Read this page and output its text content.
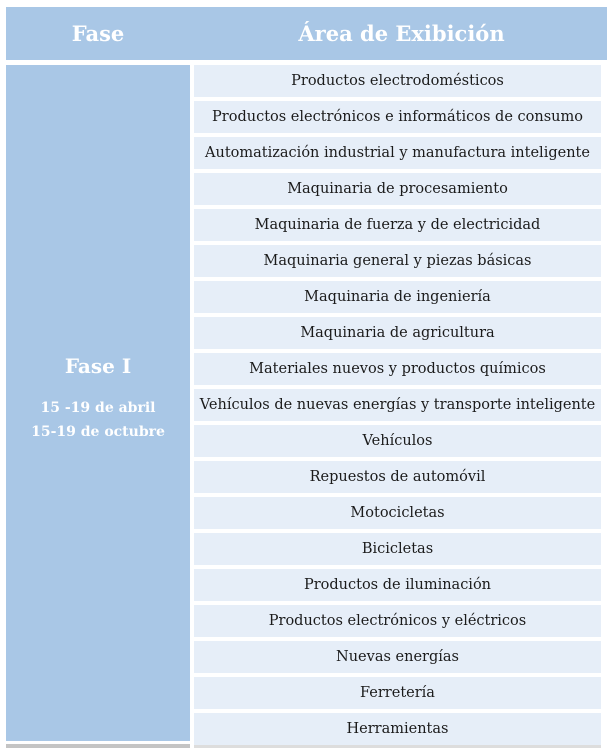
Fase	Área de Exibición
Fase I
15 -19 de abril
15-19 de octubre
Productos electrodomésticos
Productos electrónicos e informáticos de consumo
Automatización industrial y manufactura inteligente
Maquinaria de procesamiento
Maquinaria de fuerza y de electricidad
Maquinaria general y piezas básicas
Maquinaria de ingeniería
Maquinaria de agricultura
Materiales nuevos y productos químicos
Vehículos de nuevas energías y transporte inteligente
Vehículos
Repuestos de automóvil
Motocicletas
Bicicletas
Productos de iluminación
Productos electrónicos y eléctricos
Nuevas energías
Ferretería
Herramientas
